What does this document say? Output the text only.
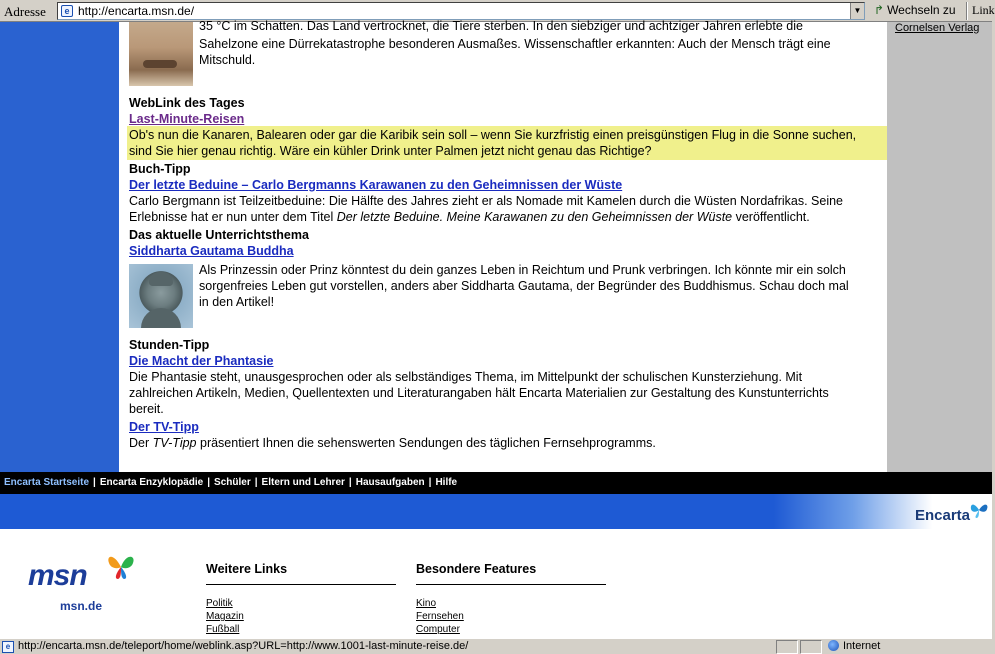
Adresse	e http://encarta.msn.de/	▼ ↱ Wechseln zu Link
Cornelsen Verlag
35 °C im Schatten. Das Land vertrocknet, die Tiere sterben. In den siebziger und achtziger Jahren erlebte die
Sahelzone eine Dürrekatastrophe besonderen Ausmaßes. Wissenschaftler erkannten: Auch der Mensch trägt eine
Mitschuld.
WebLink des Tages
Last-Minute-Reisen
Ob's nun die Kanaren, Balearen oder gar die Karibik sein soll – wenn Sie kurzfristig einen preisgünstigen Flug in die Sonne suchen,
sind Sie hier genau richtig. Wäre ein kühler Drink unter Palmen jetzt nicht genau das Richtige?
Buch-Tipp
Der letzte Beduine – Carlo Bergmanns Karawanen zu den Geheimnissen der Wüste
Carlo Bergmann ist Teilzeitbeduine: Die Hälfte des Jahres zieht er als Nomade mit Kamelen durch die Wüsten Nordafrikas. Seine
Erlebnisse hat er nun unter dem Titel Der letzte Beduine. Meine Karawanen zu den Geheimnissen der Wüste veröffentlicht.
Das aktuelle Unterrichtsthema
Siddharta Gautama Buddha
Als Prinzessin oder Prinz könntest du dein ganzes Leben in Reichtum und Prunk verbringen. Ich könnte mir ein solch
sorgenfreies Leben gut vorstellen, anders aber Siddharta Gautama, der Begründer des Buddhismus. Schau doch mal
in den Artikel!
Stunden-Tipp
Die Macht der Phantasie
Die Phantasie steht, unausgesprochen oder als selbständiges Thema, im Mittelpunkt der schulischen Kunsterziehung. Mit
zahlreichen Artikeln, Medien, Quellentexten und Literaturangaben hält Encarta Materialien zur Gestaltung des Kunstunterrichts
bereit.
Der TV-Tipp
Der TV-Tipp präsentiert Ihnen die sehenswerten Sendungen des täglichen Fernsehprogramms.
Encarta Startseite | Encarta Enzyklopädie | Schüler | Eltern und Lehrer | Hausaufgaben | Hilfe
Encarta
msn
msn.de
Weitere Links
Politik
Magazin
Fußball
Besondere Features
Kino
Fernsehen
Computer
e http://encarta.msn.de/teleport/home/weblink.asp?URL=http://www.1001-last-minute-reise.de/	Internet
